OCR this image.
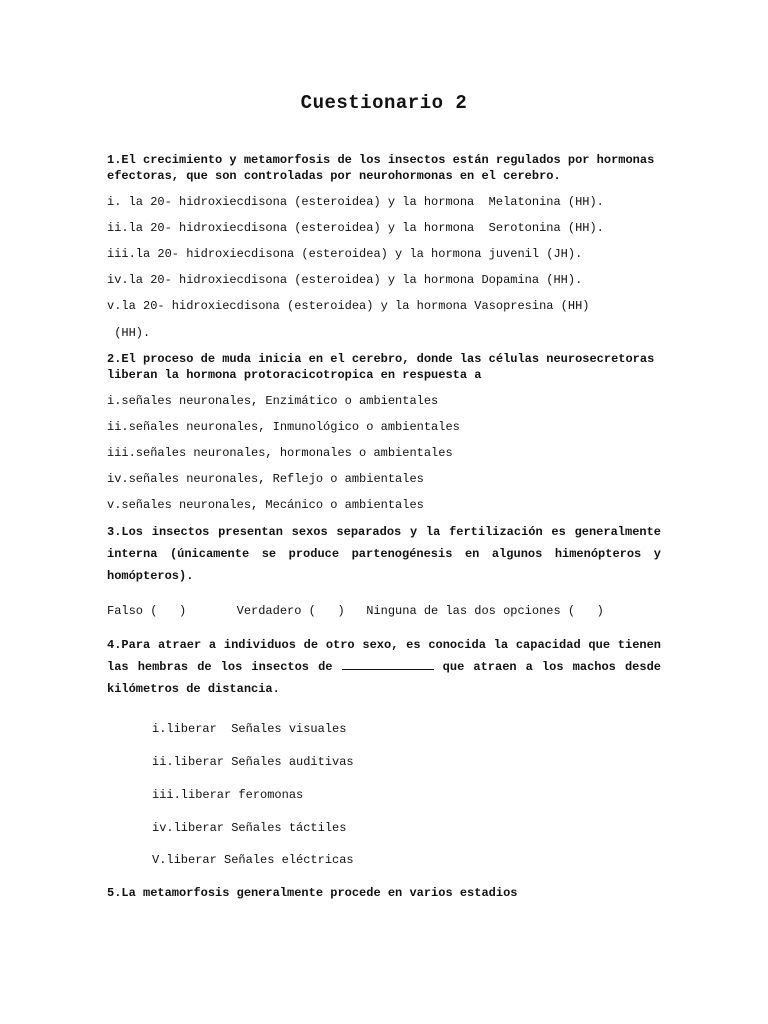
Cuestionario 2
1.El crecimiento y metamorfosis de los insectos están regulados por hormonas
efectoras, que son controladas por neurohormonas en el cerebro.
i. la 20- hidroxiecdisona (esteroidea) y la hormona  Melatonina (HH).
ii.la 20- hidroxiecdisona (esteroidea) y la hormona  Serotonina (HH).
iii.la 20- hidroxiecdisona (esteroidea) y la hormona juvenil (JH).
iv.la 20- hidroxiecdisona (esteroidea) y la hormona Dopamina (HH).
v.la 20- hidroxiecdisona (esteroidea) y la hormona Vasopresina (HH)
(HH).
2.El proceso de muda inicia en el cerebro, donde las células neurosecretoras
liberan la hormona protoracicotropica en respuesta a
i.señales neuronales, Enzimático o ambientales
ii.señales neuronales, Inmunológico o ambientales
iii.señales neuronales, hormonales o ambientales
iv.señales neuronales, Reflejo o ambientales
v.señales neuronales, Mecánico o ambientales
3.Los insectos presentan sexos separados y la fertilización es generalmente interna (únicamente se produce partenogénesis en algunos himenópteros y homópteros).
Falso (   )       Verdadero (   )   Ninguna de las dos opciones (   )
4.Para atraer a individuos de otro sexo, es conocida la capacidad que tienen las hembras de los insectos de	que atraen a los machos desde kilómetros de distancia.
i.liberar  Señales visuales
ii.liberar Señales auditivas
iii.liberar feromonas
iv.liberar Señales táctiles
V.liberar Señales eléctricas
5.La metamorfosis generalmente procede en varios estadios
